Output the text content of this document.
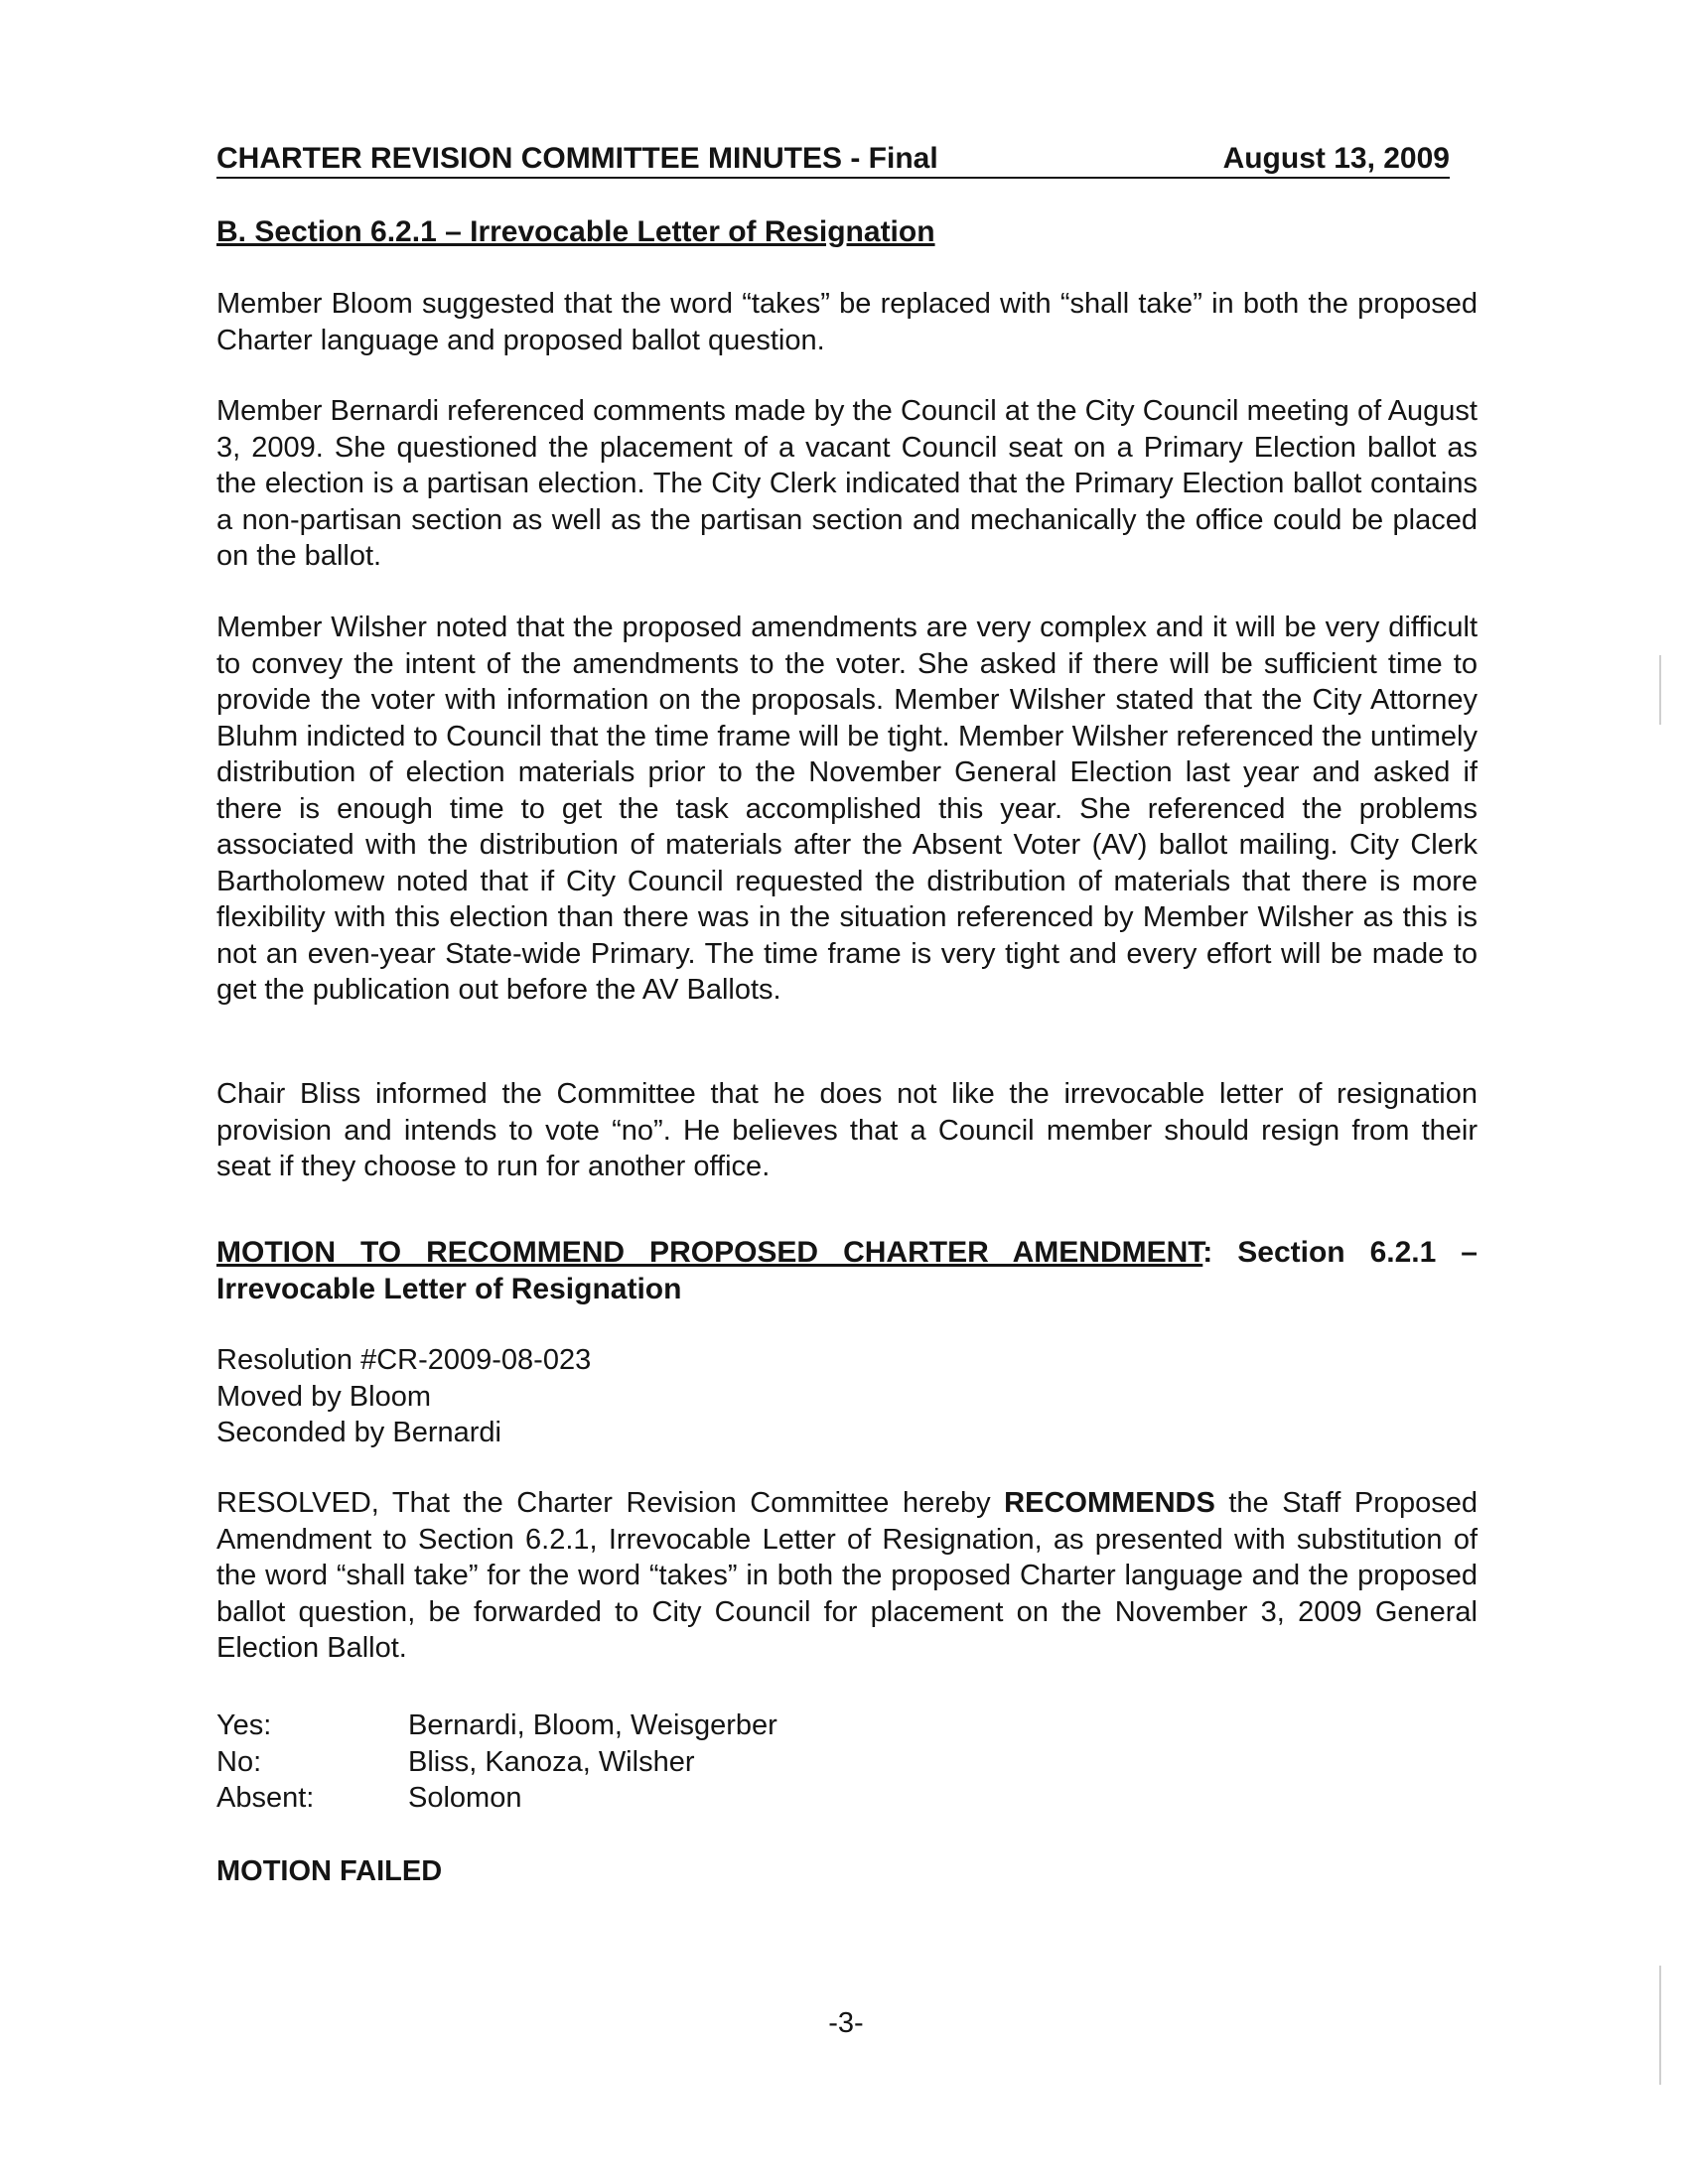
CHARTER REVISION COMMITTEE MINUTES - Final	August 13, 2009
B. Section 6.2.1 – Irrevocable Letter of Resignation

Member Bloom suggested that the word “takes” be replaced with “shall take” in both the proposed Charter language and proposed ballot question.

Member Bernardi referenced comments made by the Council at the City Council meeting of August 3, 2009. She questioned the placement of a vacant Council seat on a Primary Election ballot as the election is a partisan election. The City Clerk indicated that the Primary Election ballot contains a non-partisan section as well as the partisan section and mechanically the office could be placed on the ballot.

Member Wilsher noted that the proposed amendments are very complex and it will be very difficult to convey the intent of the amendments to the voter. She asked if there will be sufficient time to provide the voter with information on the proposals. Member Wilsher stated that the City Attorney Bluhm indicted to Council that the time frame will be tight. Member Wilsher referenced the untimely distribution of election materials prior to the November General Election last year and asked if there is enough time to get the task accomplished this year. She referenced the problems associated with the distribution of materials after the Absent Voter (AV) ballot mailing. City Clerk Bartholomew noted that if City Council requested the distribution of materials that there is more flexibility with this election than there was in the situation referenced by Member Wilsher as this is not an even-year State-wide Primary. The time frame is very tight and every effort will be made to get the publication out before the AV Ballots.

Chair Bliss informed the Committee that he does not like the irrevocable letter of resignation provision and intends to vote “no”. He believes that a Council member should resign from their seat if they choose to run for another office.

MOTION TO RECOMMEND PROPOSED CHARTER AMENDMENT: Section 6.2.1 – Irrevocable Letter of Resignation
Resolution #CR-2009-08-023
Moved by Bloom
Seconded by Bernardi

RESOLVED, That the Charter Revision Committee hereby RECOMMENDS the Staff Proposed Amendment to Section 6.2.1, Irrevocable Letter of Resignation, as presented with substitution of the word “shall take” for the word “takes” in both the proposed Charter language and the proposed ballot question, be forwarded to City Council for placement on the November 3, 2009 General Election Ballot.

Yes:	Bernardi, Bloom, Weisgerber
No:	Bliss, Kanoza, Wilsher
Absent:	Solomon
MOTION FAILED
-3-
